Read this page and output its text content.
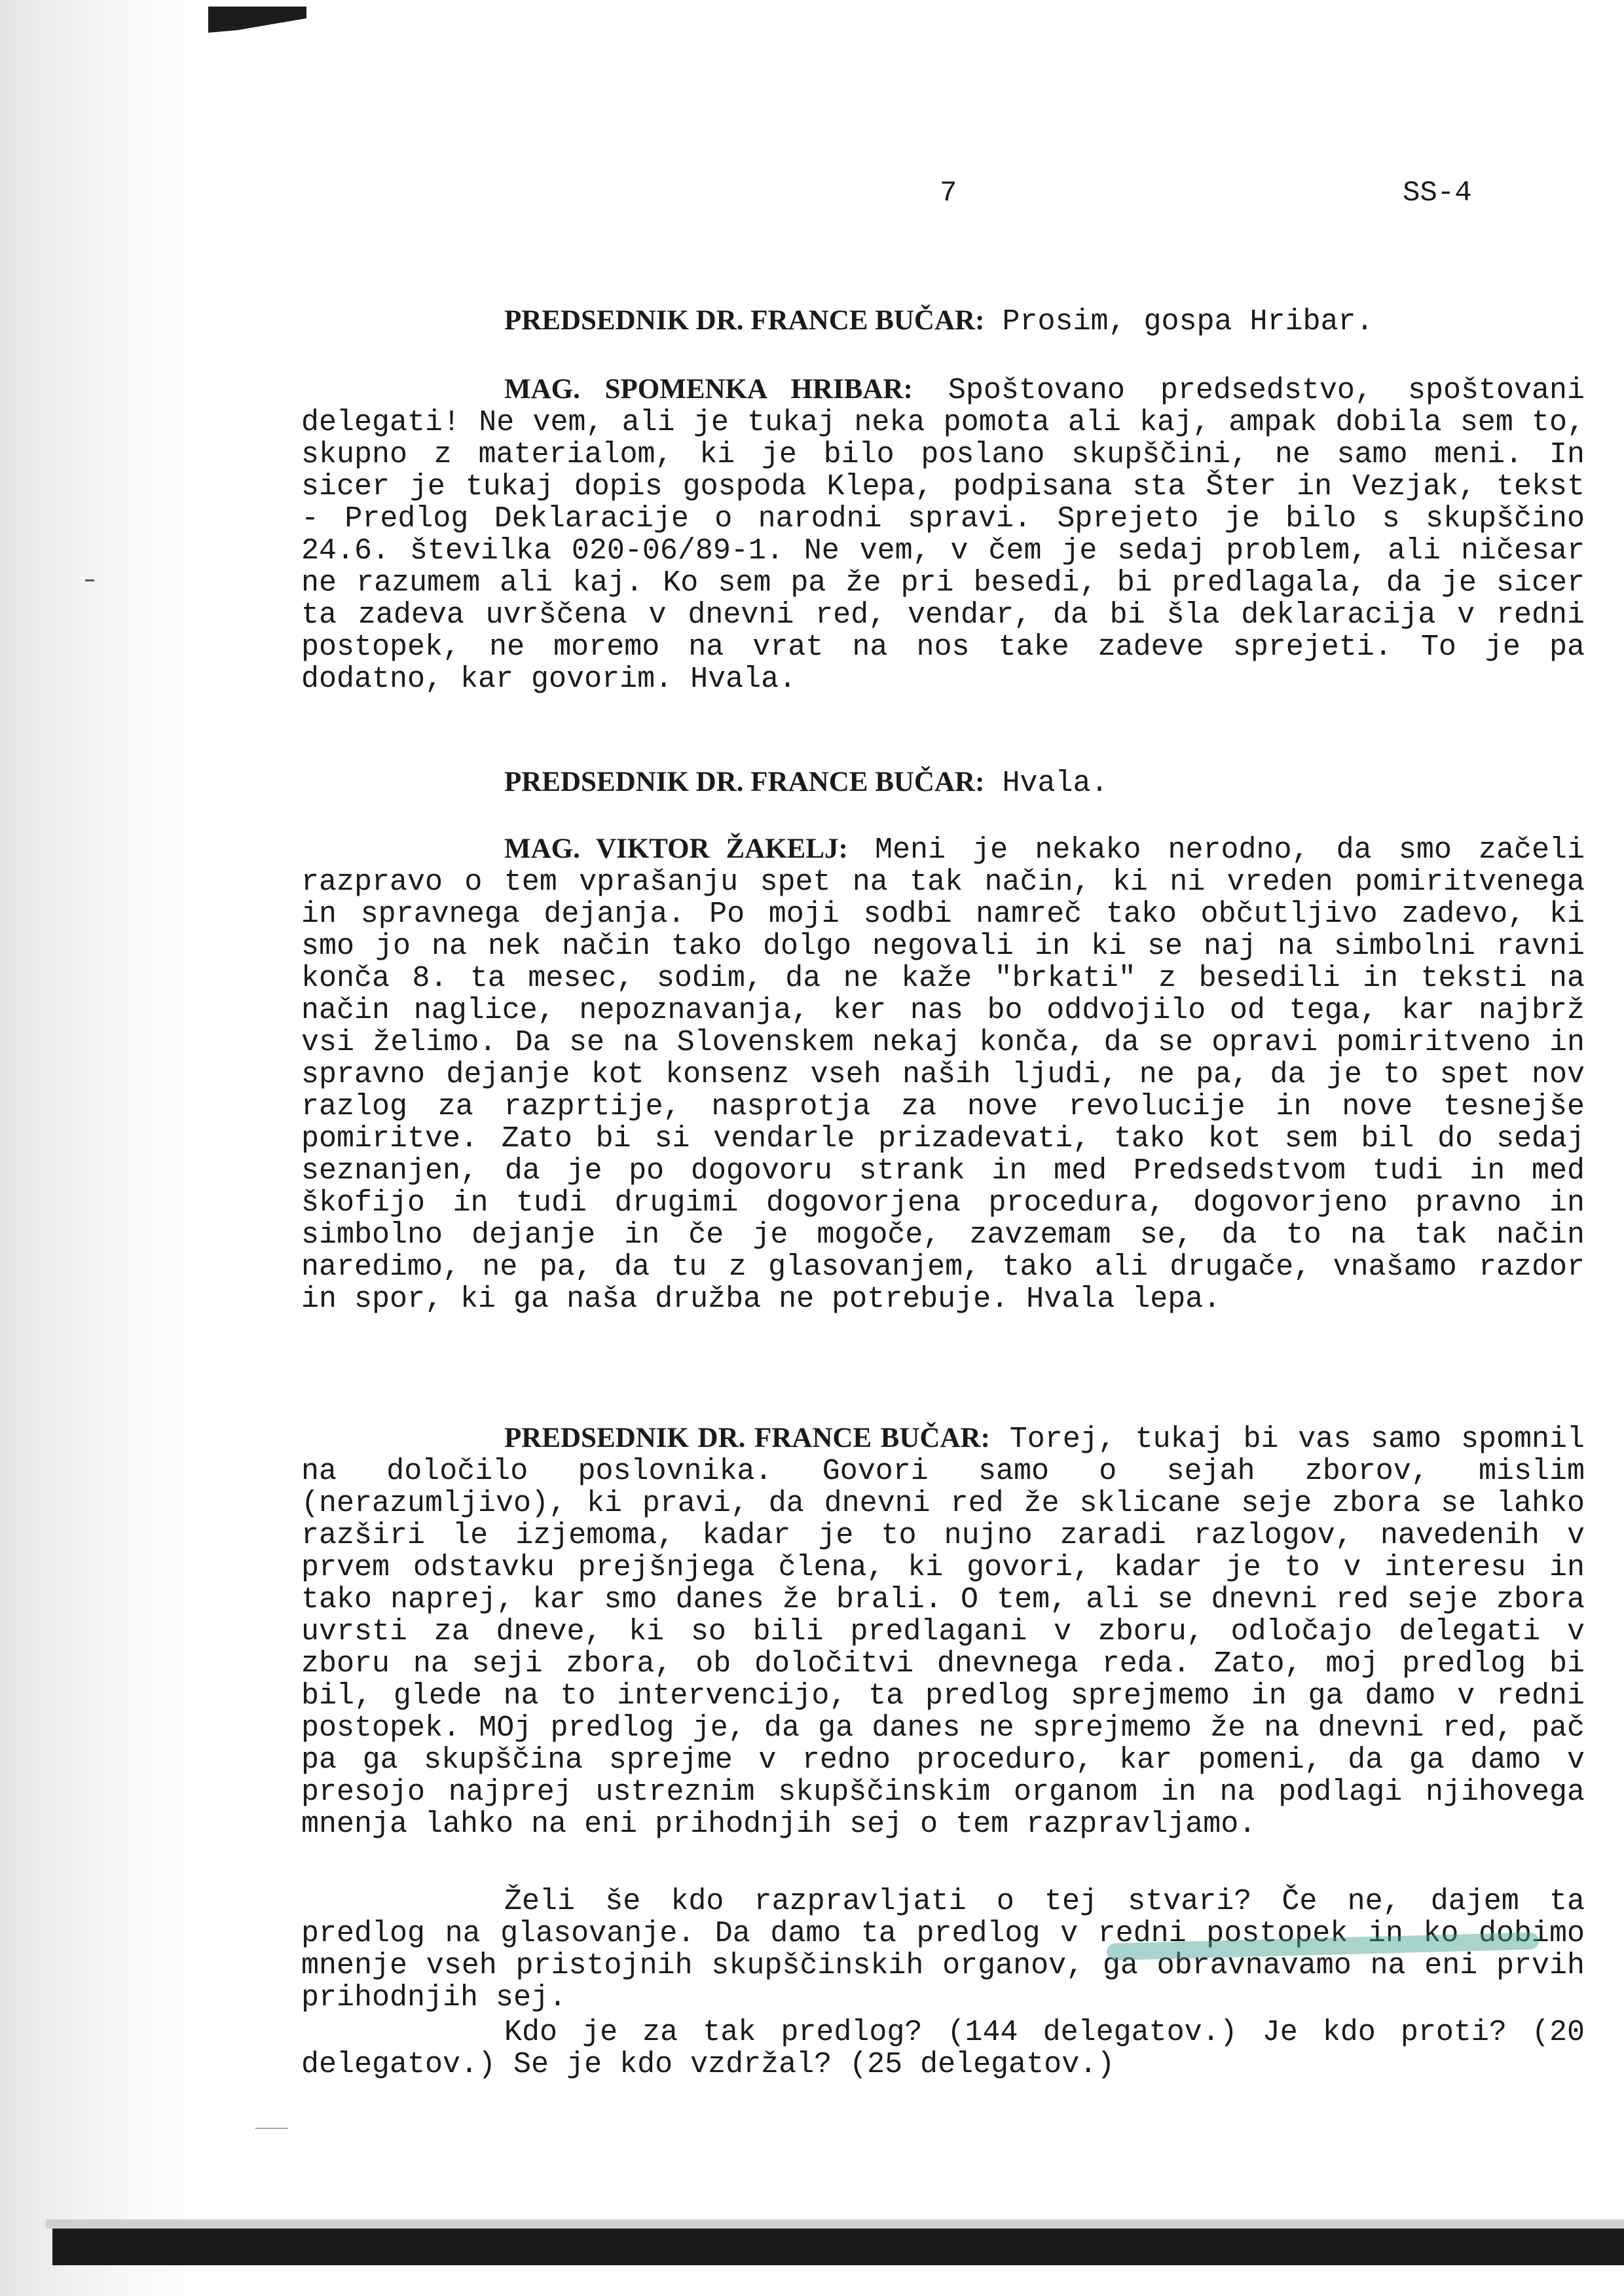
7	SS-4

PREDSEDNIK DR. FRANCE BUČAR: Prosim, gospa Hribar.

MAG. SPOMENKA HRIBAR: Spoštovano predsedstvo, spoštovani delegati! Ne vem, ali je tukaj neka pomota ali kaj, ampak dobila sem to, skupno z materialom, ki je bilo poslano skupščini, ne samo meni. In sicer je tukaj dopis gospoda Klepa, podpisana sta Šter in Vezjak, tekst - Predlog Deklaracije o narodni spravi. Sprejeto je bilo s skupščino 24.6. številka 020-06/89-1. Ne vem, v čem je sedaj problem, ali ničesar ne razumem ali kaj. Ko sem pa že pri besedi, bi predlagala, da je sicer ta zadeva uvrščena v dnevni red, vendar, da bi šla deklaracija v redni postopek, ne moremo na vrat na nos take zadeve sprejeti. To je pa dodatno, kar govorim. Hvala.

PREDSEDNIK DR. FRANCE BUČAR: Hvala.

MAG. VIKTOR ŽAKELJ: Meni je nekako nerodno, da smo začeli razpravo o tem vprašanju spet na tak način, ki ni vreden pomiritvenega in spravnega dejanja. Po moji sodbi namreč tako občutljivo zadevo, ki smo jo na nek način tako dolgo negovali in ki se naj na simbolni ravni konča 8. ta mesec, sodim, da ne kaže "brkati" z besedili in teksti na način naglice, nepoznavanja, ker nas bo oddvojilo od tega, kar najbrž vsi želimo. Da se na Slovenskem nekaj konča, da se opravi pomiritveno in spravno dejanje kot konsenz vseh naših ljudi, ne pa, da je to spet nov razlog za razprtije, nasprotja za nove revolucije in nove tesnejše pomiritve. Zato bi si vendarle prizadevati, tako kot sem bil do sedaj seznanjen, da je po dogovoru strank in med Predsedstvom tudi in med škofijo in tudi drugimi dogovorjena procedura, dogovorjeno pravno in simbolno dejanje in če je mogoče, zavzemam se, da to na tak način naredimo, ne pa, da tu z glasovanjem, tako ali drugače, vnašamo razdor in spor, ki ga naša družba ne potrebuje. Hvala lepa.

PREDSEDNIK DR. FRANCE BUČAR: Torej, tukaj bi vas samo spomnil na določilo poslovnika. Govori samo o sejah zborov, mislim (nerazumljivo), ki pravi, da dnevni red že sklicane seje zbora se lahko razširi le izjemoma, kadar je to nujno zaradi razlogov, navedenih v prvem odstavku prejšnjega člena, ki govori, kadar je to v interesu in tako naprej, kar smo danes že brali. O tem, ali se dnevni red seje zbora uvrsti za dneve, ki so bili predlagani v zboru, odločajo delegati v zboru na seji zbora, ob določitvi dnevnega reda. Zato, moj predlog bi bil, glede na to intervencijo, ta predlog sprejmemo in ga damo v redni postopek. MOj predlog je, da ga danes ne sprejmemo že na dnevni red, pač pa ga skupščina sprejme v redno proceduro, kar pomeni, da ga damo v presojo najprej ustreznim skupščinskim organom in na podlagi njihovega mnenja lahko na eni prihodnjih sej o tem razpravljamo.

Želi še kdo razpravljati o tej stvari? Če ne, dajem ta predlog na glasovanje. Da damo ta predlog v redni postopek in ko dobimo mnenje vseh pristojnih skupščinskih organov, ga obravnavamo na eni prvih prihodnjih sej.

Kdo je za tak predlog? (144 delegatov.) Je kdo proti? (20 delegatov.) Se je kdo vzdržal? (25 delegatov.)
